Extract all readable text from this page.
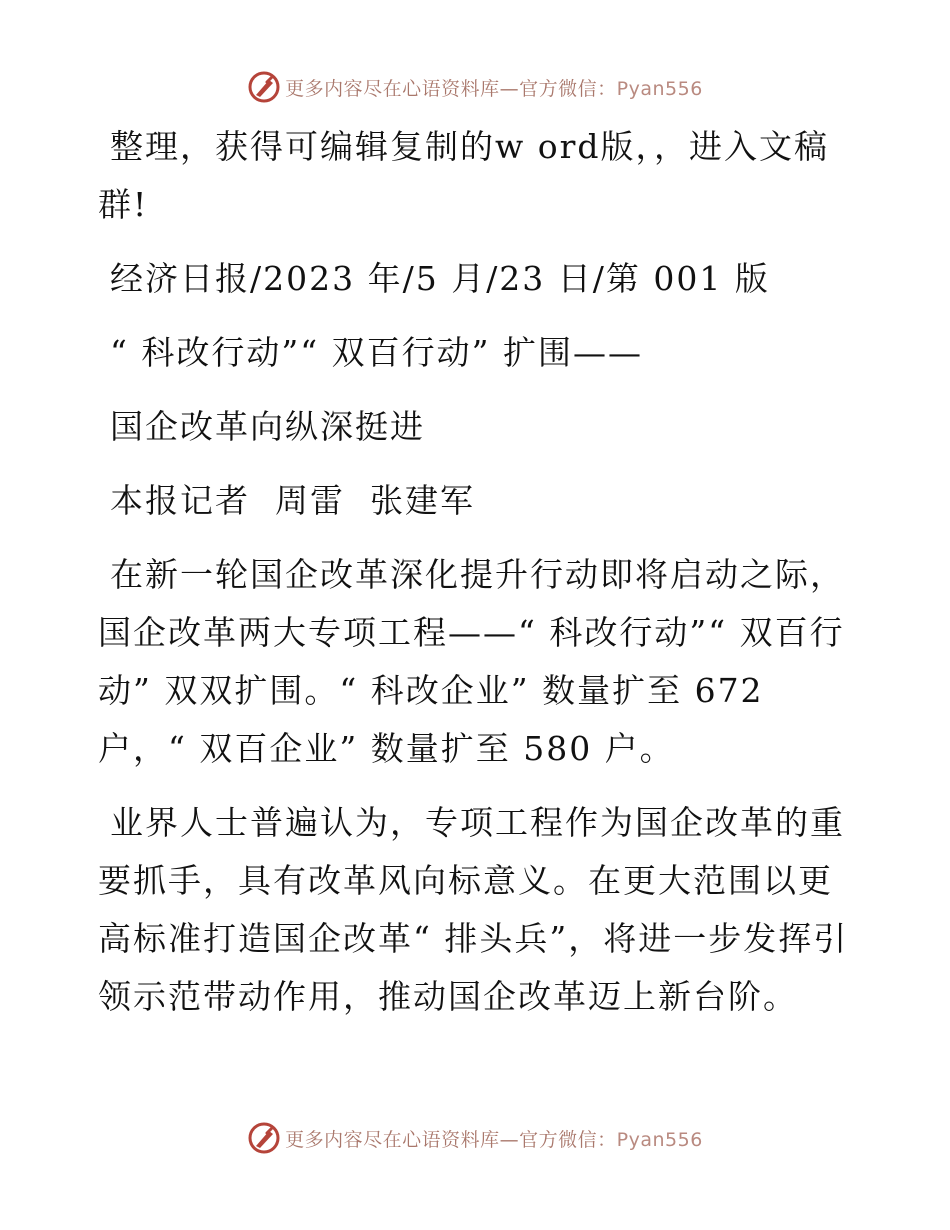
更多内容尽在心语资料库—官方微信：Pyan556

整理，获得可编辑复制的w ord版，，进入文稿群!

经济日报/2023 年/5 月/23 日/第 001 版

“ 科改行动”“ 双百行动” 扩围——

国企改革向纵深挺进

本报记者  周雷  张建军

在新一轮国企改革深化提升行动即将启动之际，国企改革两大专项工程——“ 科改行动”“ 双百行动” 双双扩围。“ 科改企业” 数量扩至 672 户，“ 双百企业” 数量扩至 580 户。

业界人士普遍认为，专项工程作为国企改革的重要抓手，具有改革风向标意义。在更大范围以更高标准打造国企改革“ 排头兵”，将进一步发挥引领示范带动作用，推动国企改革迈上新台阶。

更多内容尽在心语资料库—官方微信：Pyan556
